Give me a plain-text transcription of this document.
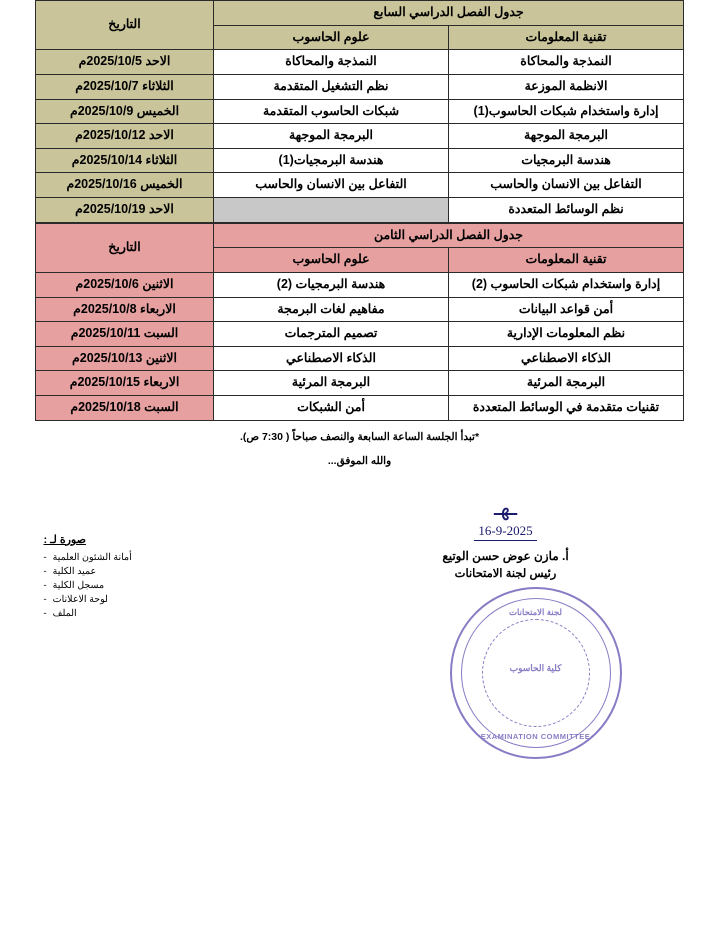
جدول الفصل الدراسي السابع		التاريخ
تقنية المعلومات	علوم الحاسوب	
النمذجة والمحاكاة	النمذجة والمحاكاة	الاحد 2025/10/5م
الانظمة الموزعة	نظم التشغيل المتقدمة	الثلاثاء 2025/10/7م
إدارة واستخدام شبكات الحاسوب(1)	شبكات الحاسوب المتقدمة	الخميس 2025/10/9م
البرمجة الموجهة	البرمجة الموجهة	الاحد 2025/10/12م
هندسة البرمجيات	هندسة البرمجيات(1)	الثلاثاء 2025/10/14م
التفاعل بين الانسان والحاسب	التفاعل بين الانسان والحاسب	الخميس 2025/10/16م
نظم الوسائط المتعددة		الاحد 2025/10/19م
جدول الفصل الدراسي الثامن		التاريخ
تقنية المعلومات	علوم الحاسوب	
إدارة واستخدام شبكات الحاسوب (2)	هندسة البرمجيات (2)	الاثنين 2025/10/6م
أمن قواعد البيانات	مفاهيم لغات البرمجة	الاربعاء 2025/10/8م
نظم المعلومات الإدارية	تصميم المترجمات	السبت 2025/10/11م
الذكاء الاصطناعي	الذكاء الاصطناعي	الاثنين 2025/10/13م
البرمجة المرئية	البرمجة المرئية	الاربعاء 2025/10/15م
تقنيات متقدمة في الوسائط المتعددة	أمن الشبكات	السبت 2025/10/18م
*تبدأ الجلسة الساعة السابعة والنصف صباحاً ( 7:30 ص).
والله الموفق...
ـھـ
16-9-2025
أ. مازن عوض حسن الوتيع
رئيس لجنة الامتحانات
لجنة الامتحانات
كلية الحاسوب
EXAMINATION COMMITTEE
صورة لـ :
أمانة الشئون العلمية
-
عميد الكلية
-
مسجل الكلية
-
لوحة الاعلانات
-
الملف
-
